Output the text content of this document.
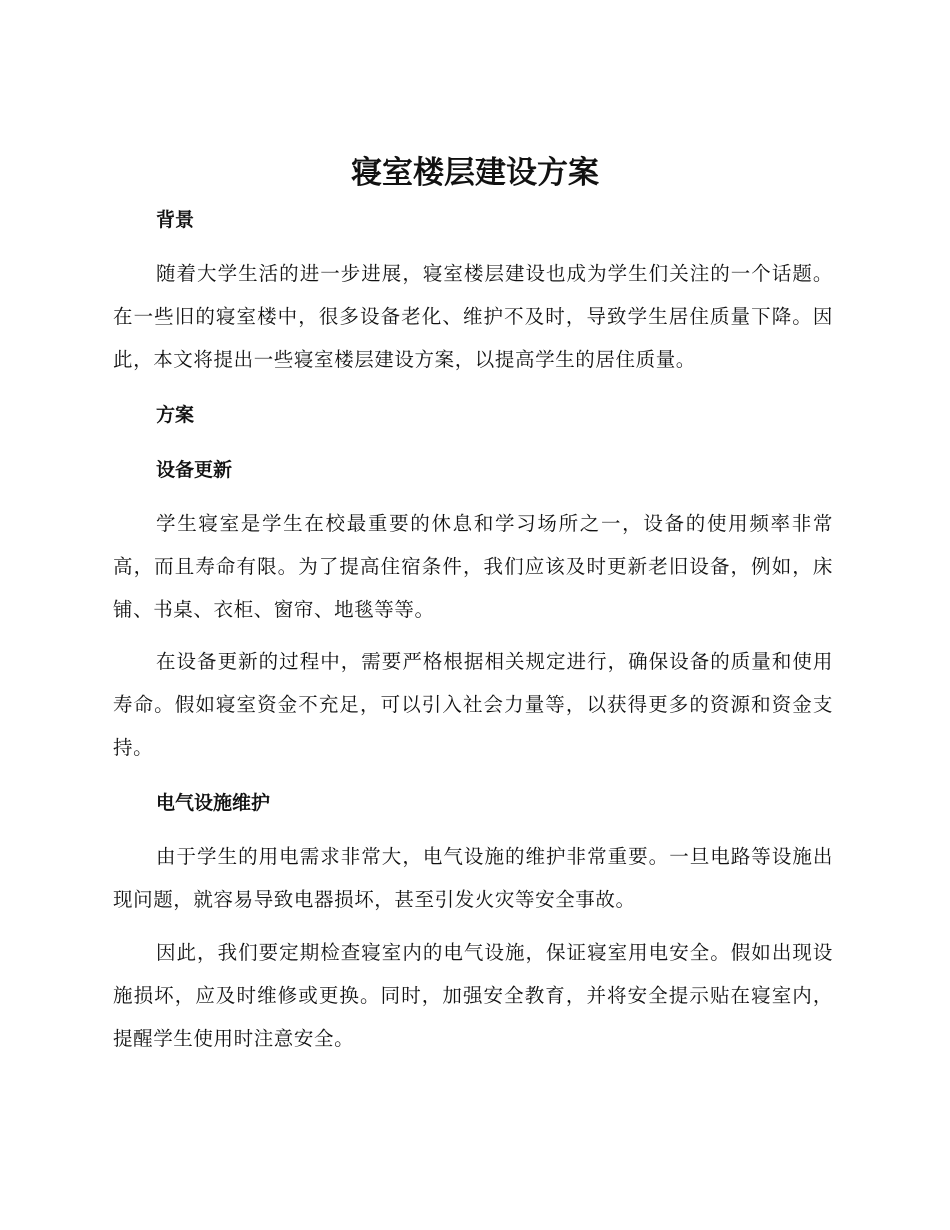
寝室楼层建设方案
背景

随着大学生活的进一步进展，寝室楼层建设也成为学生们关注的一个话题。在一些旧的寝室楼中，很多设备老化、维护不及时，导致学生居住质量下降。因此，本文将提出一些寝室楼层建设方案，以提高学生的居住质量。

方案
设备更新

学生寝室是学生在校最重要的休息和学习场所之一，设备的使用频率非常高，而且寿命有限。为了提高住宿条件，我们应该及时更新老旧设备，例如，床铺、书桌、衣柜、窗帘、地毯等等。

在设备更新的过程中，需要严格根据相关规定进行，确保设备的质量和使用寿命。假如寝室资金不充足，可以引入社会力量等，以获得更多的资源和资金支持。

电气设施维护

由于学生的用电需求非常大，电气设施的维护非常重要。一旦电路等设施出现问题，就容易导致电器损坏，甚至引发火灾等安全事故。

因此，我们要定期检查寝室内的电气设施，保证寝室用电安全。假如出现设施损坏，应及时维修或更换。同时，加强安全教育，并将安全提示贴在寝室内，提醒学生使用时注意安全。
